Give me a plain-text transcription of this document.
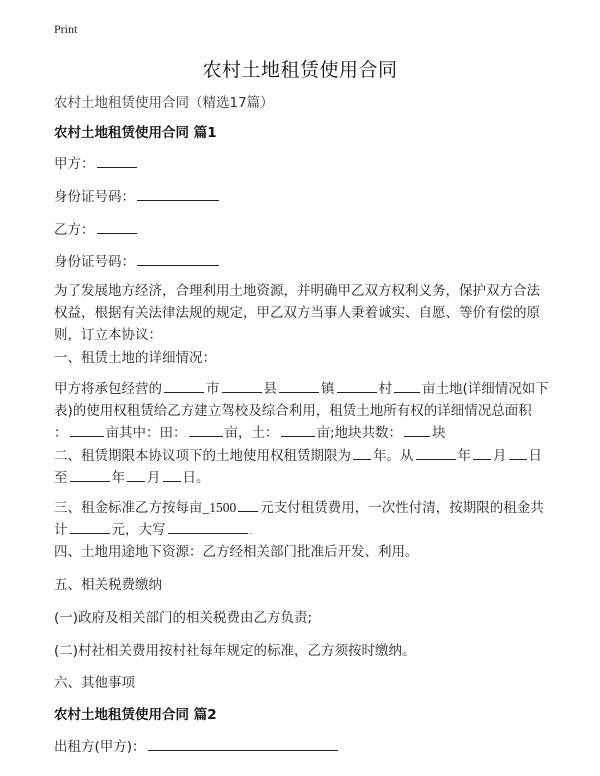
Print
农村土地租赁使用合同
农村土地租赁使用合同（精选17篇）
农村土地租赁使用合同 篇1
甲方：
身份证号码：
乙方：
身份证号码：
为了发展地方经济，合理利用土地资源，并明确甲乙双方权利义务，保护双方合法
权益，根据有关法律法规的规定，甲乙双方当事人秉着诚实、自愿、等价有偿的原
则，订立本协议：
一、租赁土地的详细情况：
甲方将承包经营的	市	县	镇	村 亩土地(详细情况如下
表)的使用权租赁给乙方建立驾校及综合利用，租赁土地所有权的详细情况总面积
：	亩其中：田：	亩，土：	亩;地块共数： 块
二、租赁期限本协议项下的土地使用权租赁期限为 年。从	年 月 日
至	年 月 日。
三、租金标准乙方按每亩_1500 元支付租赁费用，一次性付清，按期限的租金共
计	元，大写	.
四、土地用途地下资源：乙方经相关部门批准后开发、利用。
五、相关税费缴纳
(一)政府及相关部门的相关税费由乙方负责;
(二)村社相关费用按村社每年规定的标准，乙方须按时缴纳。
六、其他事项
农村土地租赁使用合同 篇2
出租方(甲方)：
